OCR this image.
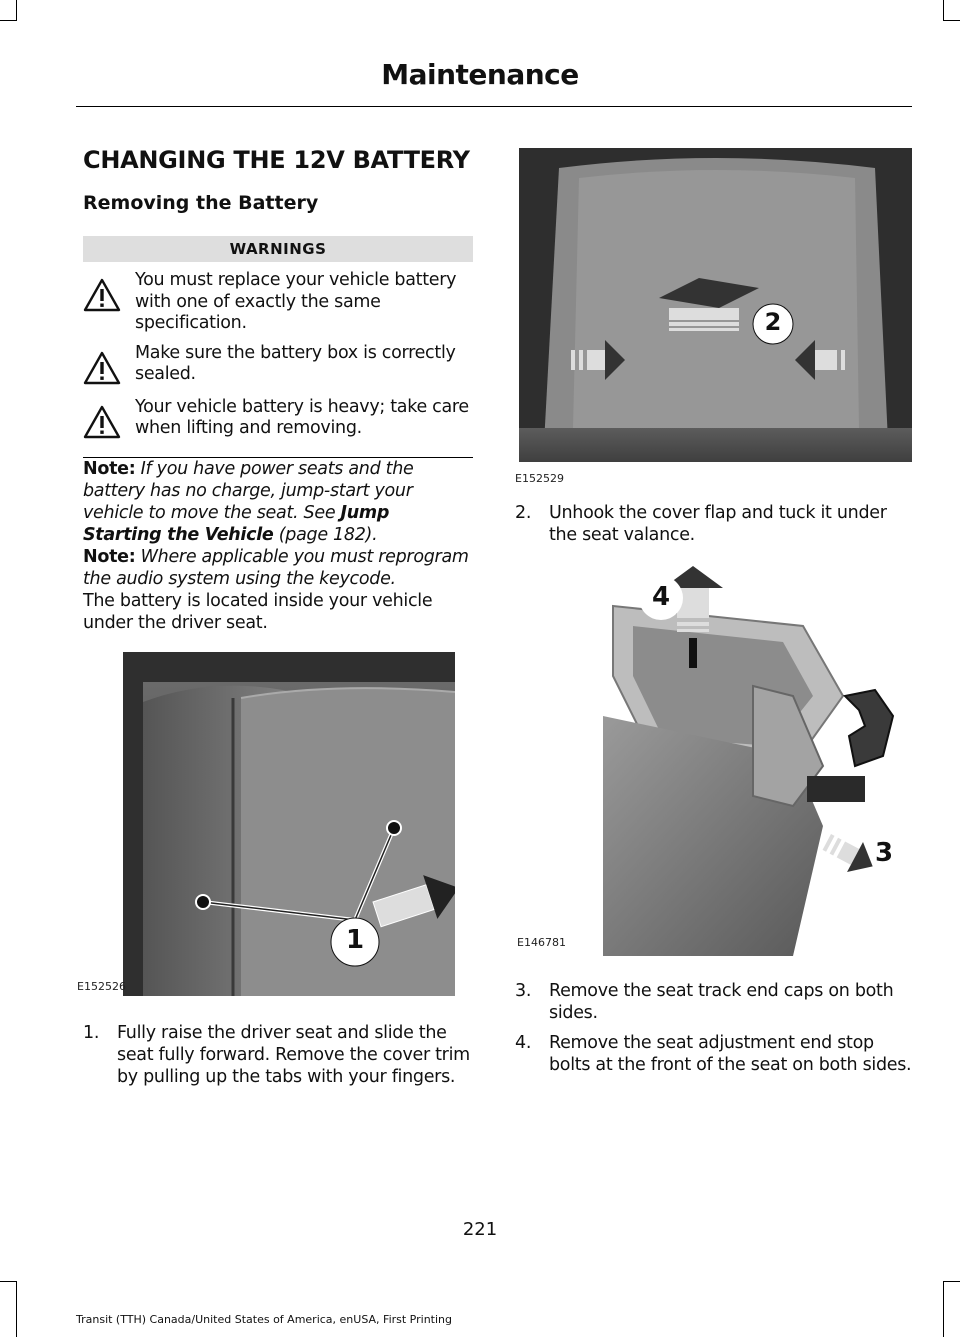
Maintenance
CHANGING THE 12V BATTERY
Removing the Battery
WARNINGS
You must replace your vehicle battery with one of exactly the same specification.
Make sure the battery box is correctly sealed.
Your vehicle battery is heavy; take care when lifting and removing.

Note: If you have power seats and the battery has no charge, jump-start your vehicle to move the seat. See Jump Starting the Vehicle (page 182).

Note: Where applicable you must reprogram the audio system using the keycode.

The battery is located inside your vehicle under the driver seat.

1
E152526
1.	Fully raise the driver seat and slide the seat fully forward. Remove the cover trim by pulling up the tabs with your fingers.
2
E152529
2.	Unhook the cover flap and tuck it under the seat valance.
4
3
E146781
3.	Remove the seat track end caps on both sides.
4.	Remove the seat adjustment end stop bolts at the front of the seat on both sides.
221
Transit (TTH) Canada/United States of America, enUSA, First Printing
